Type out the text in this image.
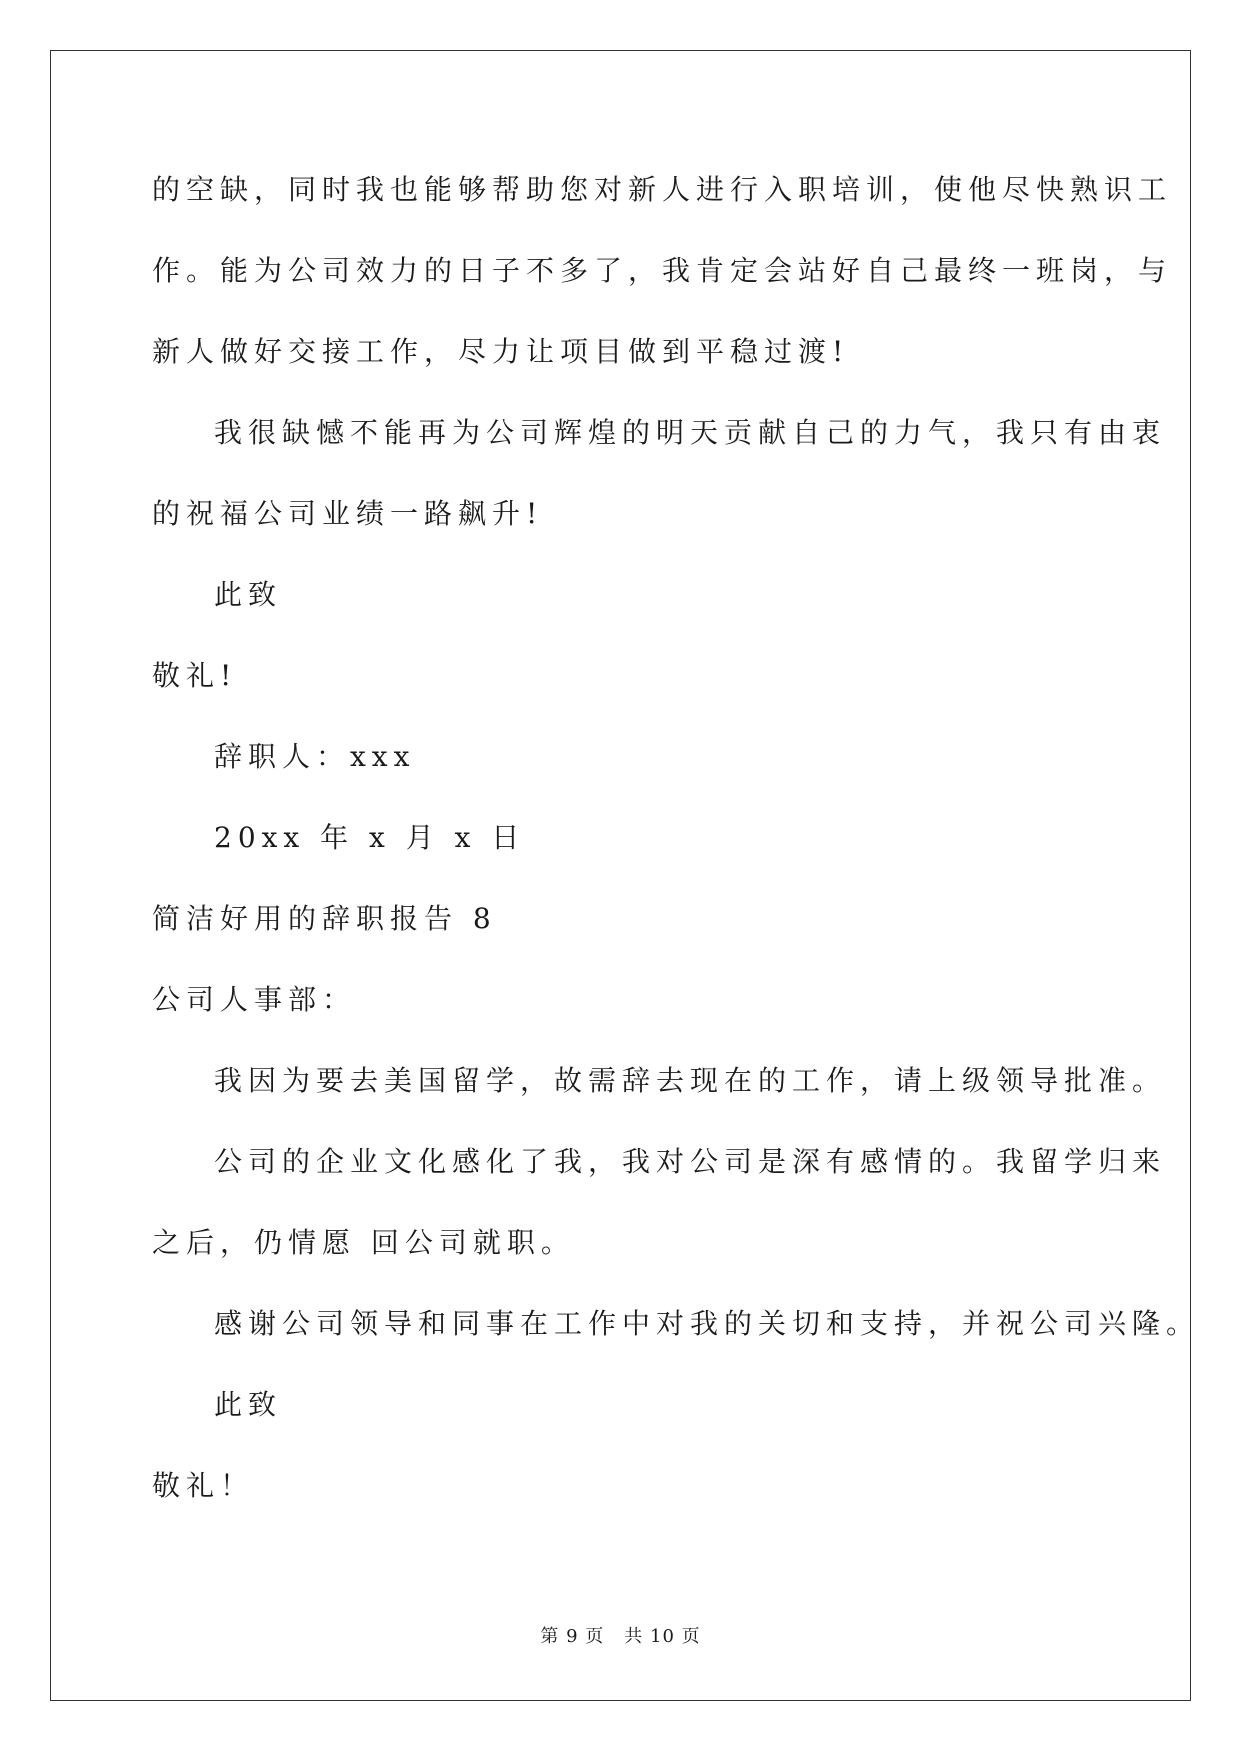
的空缺，同时我也能够帮助您对新人进行入职培训，使他尽快熟识工
作。能为公司效力的日子不多了，我肯定会站好自己最终一班岗，与
新人做好交接工作，尽力让项目做到平稳过渡!
我很缺憾不能再为公司辉煌的明天贡献自己的力气，我只有由衷
的祝福公司业绩一路飙升!
此致
敬礼!
辞职人：xxx
20xx 年 x 月 x 日
简洁好用的辞职报告 8
公司人事部：
我因为要去美国留学，故需辞去现在的工作，请上级领导批准。
公司的企业文化感化了我，我对公司是深有感情的。我留学归来
之后，仍情愿 回公司就职。
感谢公司领导和同事在工作中对我的关切和支持，并祝公司兴隆。
此致
敬礼！
第 9 页 共 10 页
